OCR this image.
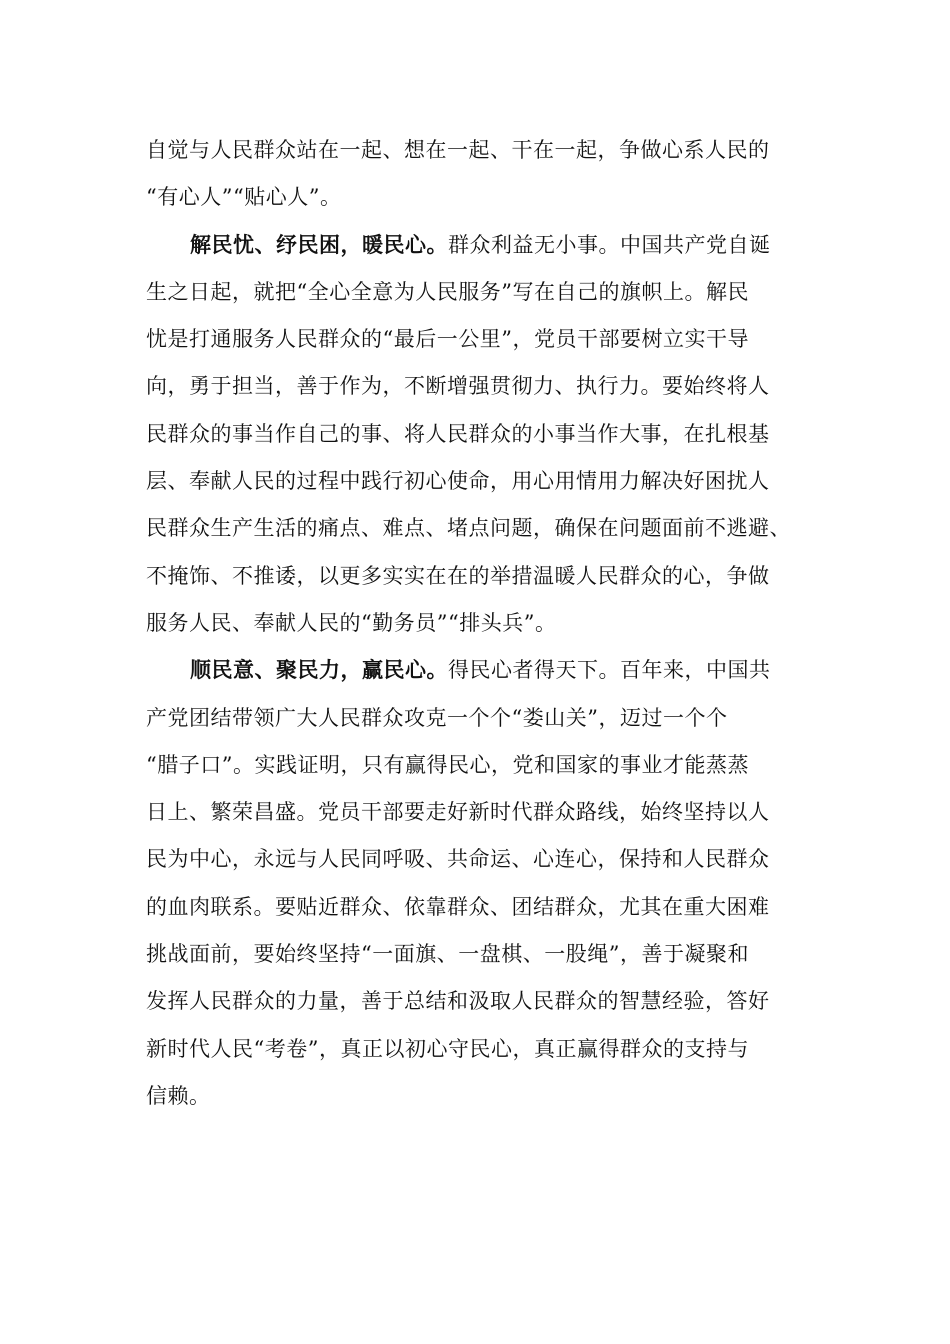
自觉与人民群众站在一起、想在一起、干在一起，争做心系人民的
“有心人”“贴心人”。
解民忧、纾民困，暖民心。群众利益无小事。中国共产党自诞
生之日起，就把“全心全意为人民服务”写在自己的旗帜上。解民
忧是打通服务人民群众的“最后一公里”，党员干部要树立实干导
向，勇于担当，善于作为，不断增强贯彻力、执行力。要始终将人
民群众的事当作自己的事、将人民群众的小事当作大事，在扎根基
层、奉献人民的过程中践行初心使命，用心用情用力解决好困扰人
民群众生产生活的痛点、难点、堵点问题，确保在问题面前不逃避、
不掩饰、不推诿，以更多实实在在的举措温暖人民群众的心，争做
服务人民、奉献人民的“勤务员”“排头兵”。
顺民意、聚民力，赢民心。得民心者得天下。百年来，中国共
产党团结带领广大人民群众攻克一个个“娄山关”，迈过一个个
“腊子口”。实践证明，只有赢得民心，党和国家的事业才能蒸蒸
日上、繁荣昌盛。党员干部要走好新时代群众路线，始终坚持以人
民为中心，永远与人民同呼吸、共命运、心连心，保持和人民群众
的血肉联系。要贴近群众、依靠群众、团结群众，尤其在重大困难
挑战面前，要始终坚持“一面旗、一盘棋、一股绳”，善于凝聚和
发挥人民群众的力量，善于总结和汲取人民群众的智慧经验，答好
新时代人民“考卷”，真正以初心守民心，真正赢得群众的支持与
信赖。
